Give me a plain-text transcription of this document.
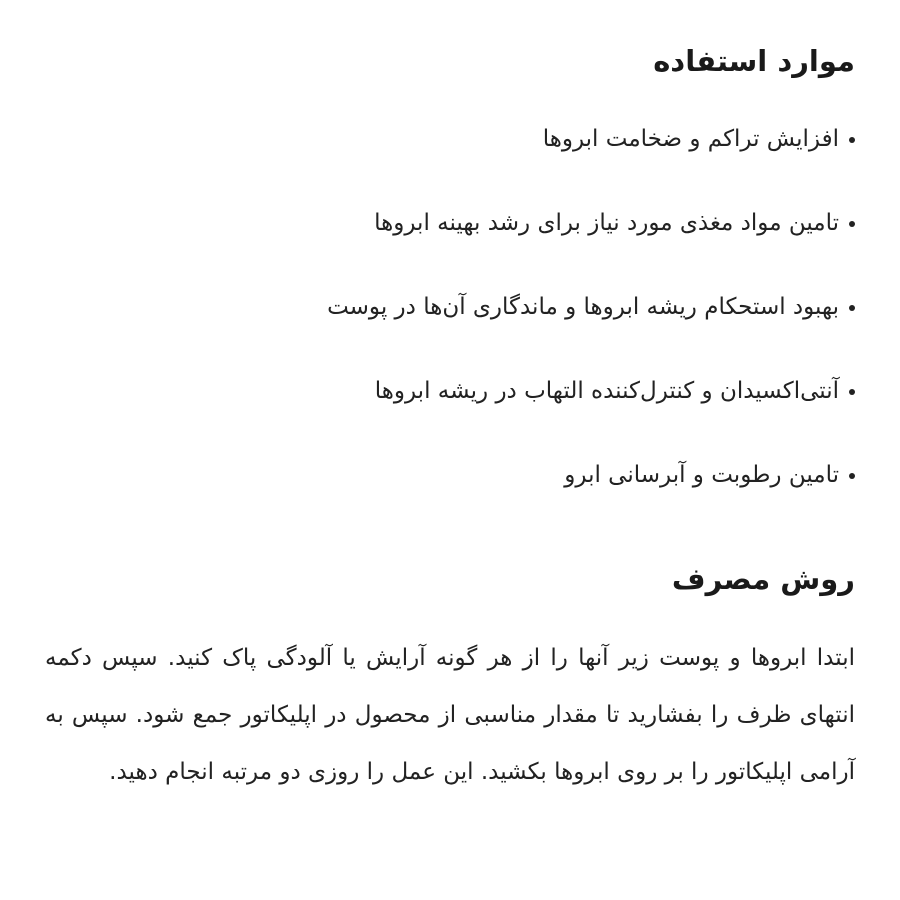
موارد استفاده
افزایش تراکم و ضخامت ابروها
تامین مواد مغذی مورد نیاز برای رشد بهینه ابروها
بهبود استحکام ریشه ابروها و ماندگاری آن‌ها در پوست
آنتی‌اکسیدان و کنترل‌کننده التهاب در ریشه ابروها
تامین رطوبت و آبرسانی ابرو
روش مصرف

ابتدا ابروها و پوست زیر آنها را از هر گونه آرایش یا آلودگی پاک کنید. سپس دکمه انتهای ظرف را بفشارید تا مقدار مناسبی از محصول در اپلیکاتور جمع شود. سپس به آرامی اپلیکاتور را بر روی ابروها بکشید. این عمل را روزی دو مرتبه انجام دهید.
